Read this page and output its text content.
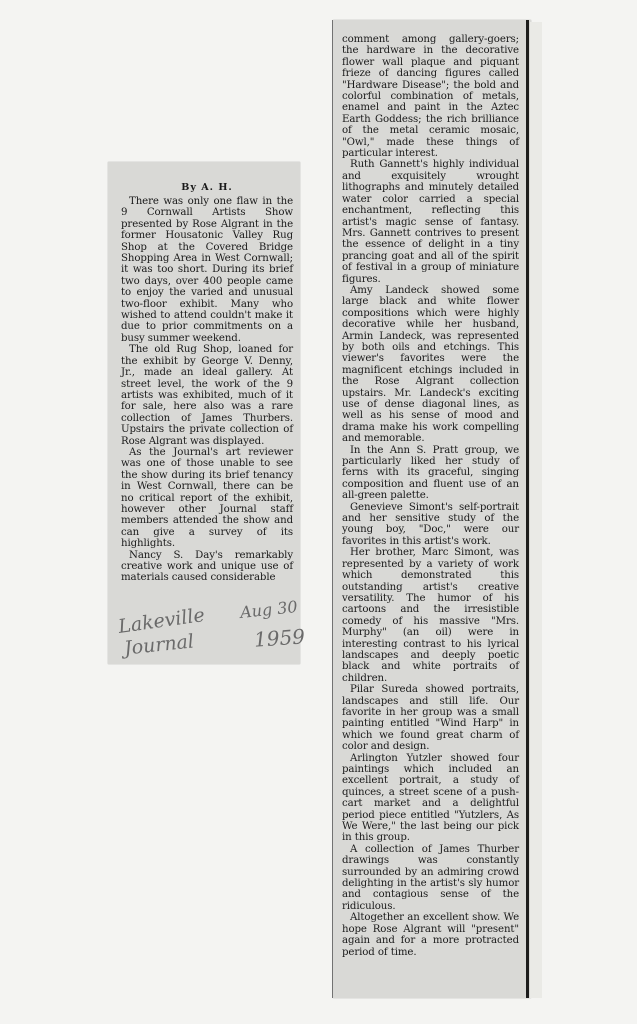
By A. H.

There was only one flaw in the 9 Cornwall Artists Show presented by Rose Algrant in the former Housatonic Valley Rug Shop at the Covered Bridge Shopping Area in West Cornwall; it was too short. During its brief two days, over 400 people came to enjoy the varied and unusual two-floor exhibit. Many who wished to attend couldn't make it due to prior commitments on a busy summer weekend.

The old Rug Shop, loaned for the exhibit by George V. Denny, Jr., made an ideal gallery. At street level, the work of the 9 artists was exhibited, much of it for sale, here also was a rare collection of James Thurbers. Upstairs the private collection of Rose Algrant was displayed.

As the Journal's art reviewer was one of those unable to see the show during its brief tenancy in West Cornwall, there can be no critical report of the exhibit, however other Journal staff members attended the show and can give a survey of its highlights.

Nancy S. Day's remarkably creative work and unique use of materials caused considerable

Lakeville
Journal
Aug 30
1959

comment among gallery-goers; the hardware in the decorative flower wall plaque and piquant frieze of dancing figures called "Hardware Disease"; the bold and colorful combination of metals, enamel and paint in the Aztec Earth Goddess; the rich brilliance of the metal ceramic mosaic, "Owl," made these things of particular interest.

Ruth Gannett's highly individual and exquisitely wrought lithographs and minutely detailed water color carried a special enchantment, reflecting this artist's magic sense of fantasy. Mrs. Gannett contrives to present the essence of delight in a tiny prancing goat and all of the spirit of festival in a group of miniature figures.

Amy Landeck showed some large black and white flower compositions which were highly decorative while her husband, Armin Landeck, was represented by both oils and etchings. This viewer's favorites were the magnificent etchings included in the Rose Algrant collection upstairs. Mr. Landeck's exciting use of dense diagonal lines, as well as his sense of mood and drama make his work compelling and memorable.

In the Ann S. Pratt group, we particularly liked her study of ferns with its graceful, singing composition and fluent use of an all-green palette.

Genevieve Simont's self-portrait and her sensitive study of the young boy, "Doc," were our favorites in this artist's work.

Her brother, Marc Simont, was represented by a variety of work which demonstrated this outstanding artist's creative versatility. The humor of his cartoons and the irresistible comedy of his massive "Mrs. Murphy" (an oil) were in interesting contrast to his lyrical landscapes and deeply poetic black and white portraits of children.

Pilar Sureda showed portraits, landscapes and still life. Our favorite in her group was a small painting entitled "Wind Harp" in which we found great charm of color and design.

Arlington Yutzler showed four paintings which included an excellent portrait, a study of quinces, a street scene of a push-cart market and a delightful period piece entitled "Yutzlers, As We Were," the last being our pick in this group.

A collection of James Thurber drawings was constantly surrounded by an admiring crowd delighting in the artist's sly humor and contagious sense of the ridiculous.

Altogether an excellent show. We hope Rose Algrant will "present" again and for a more protracted period of time.
